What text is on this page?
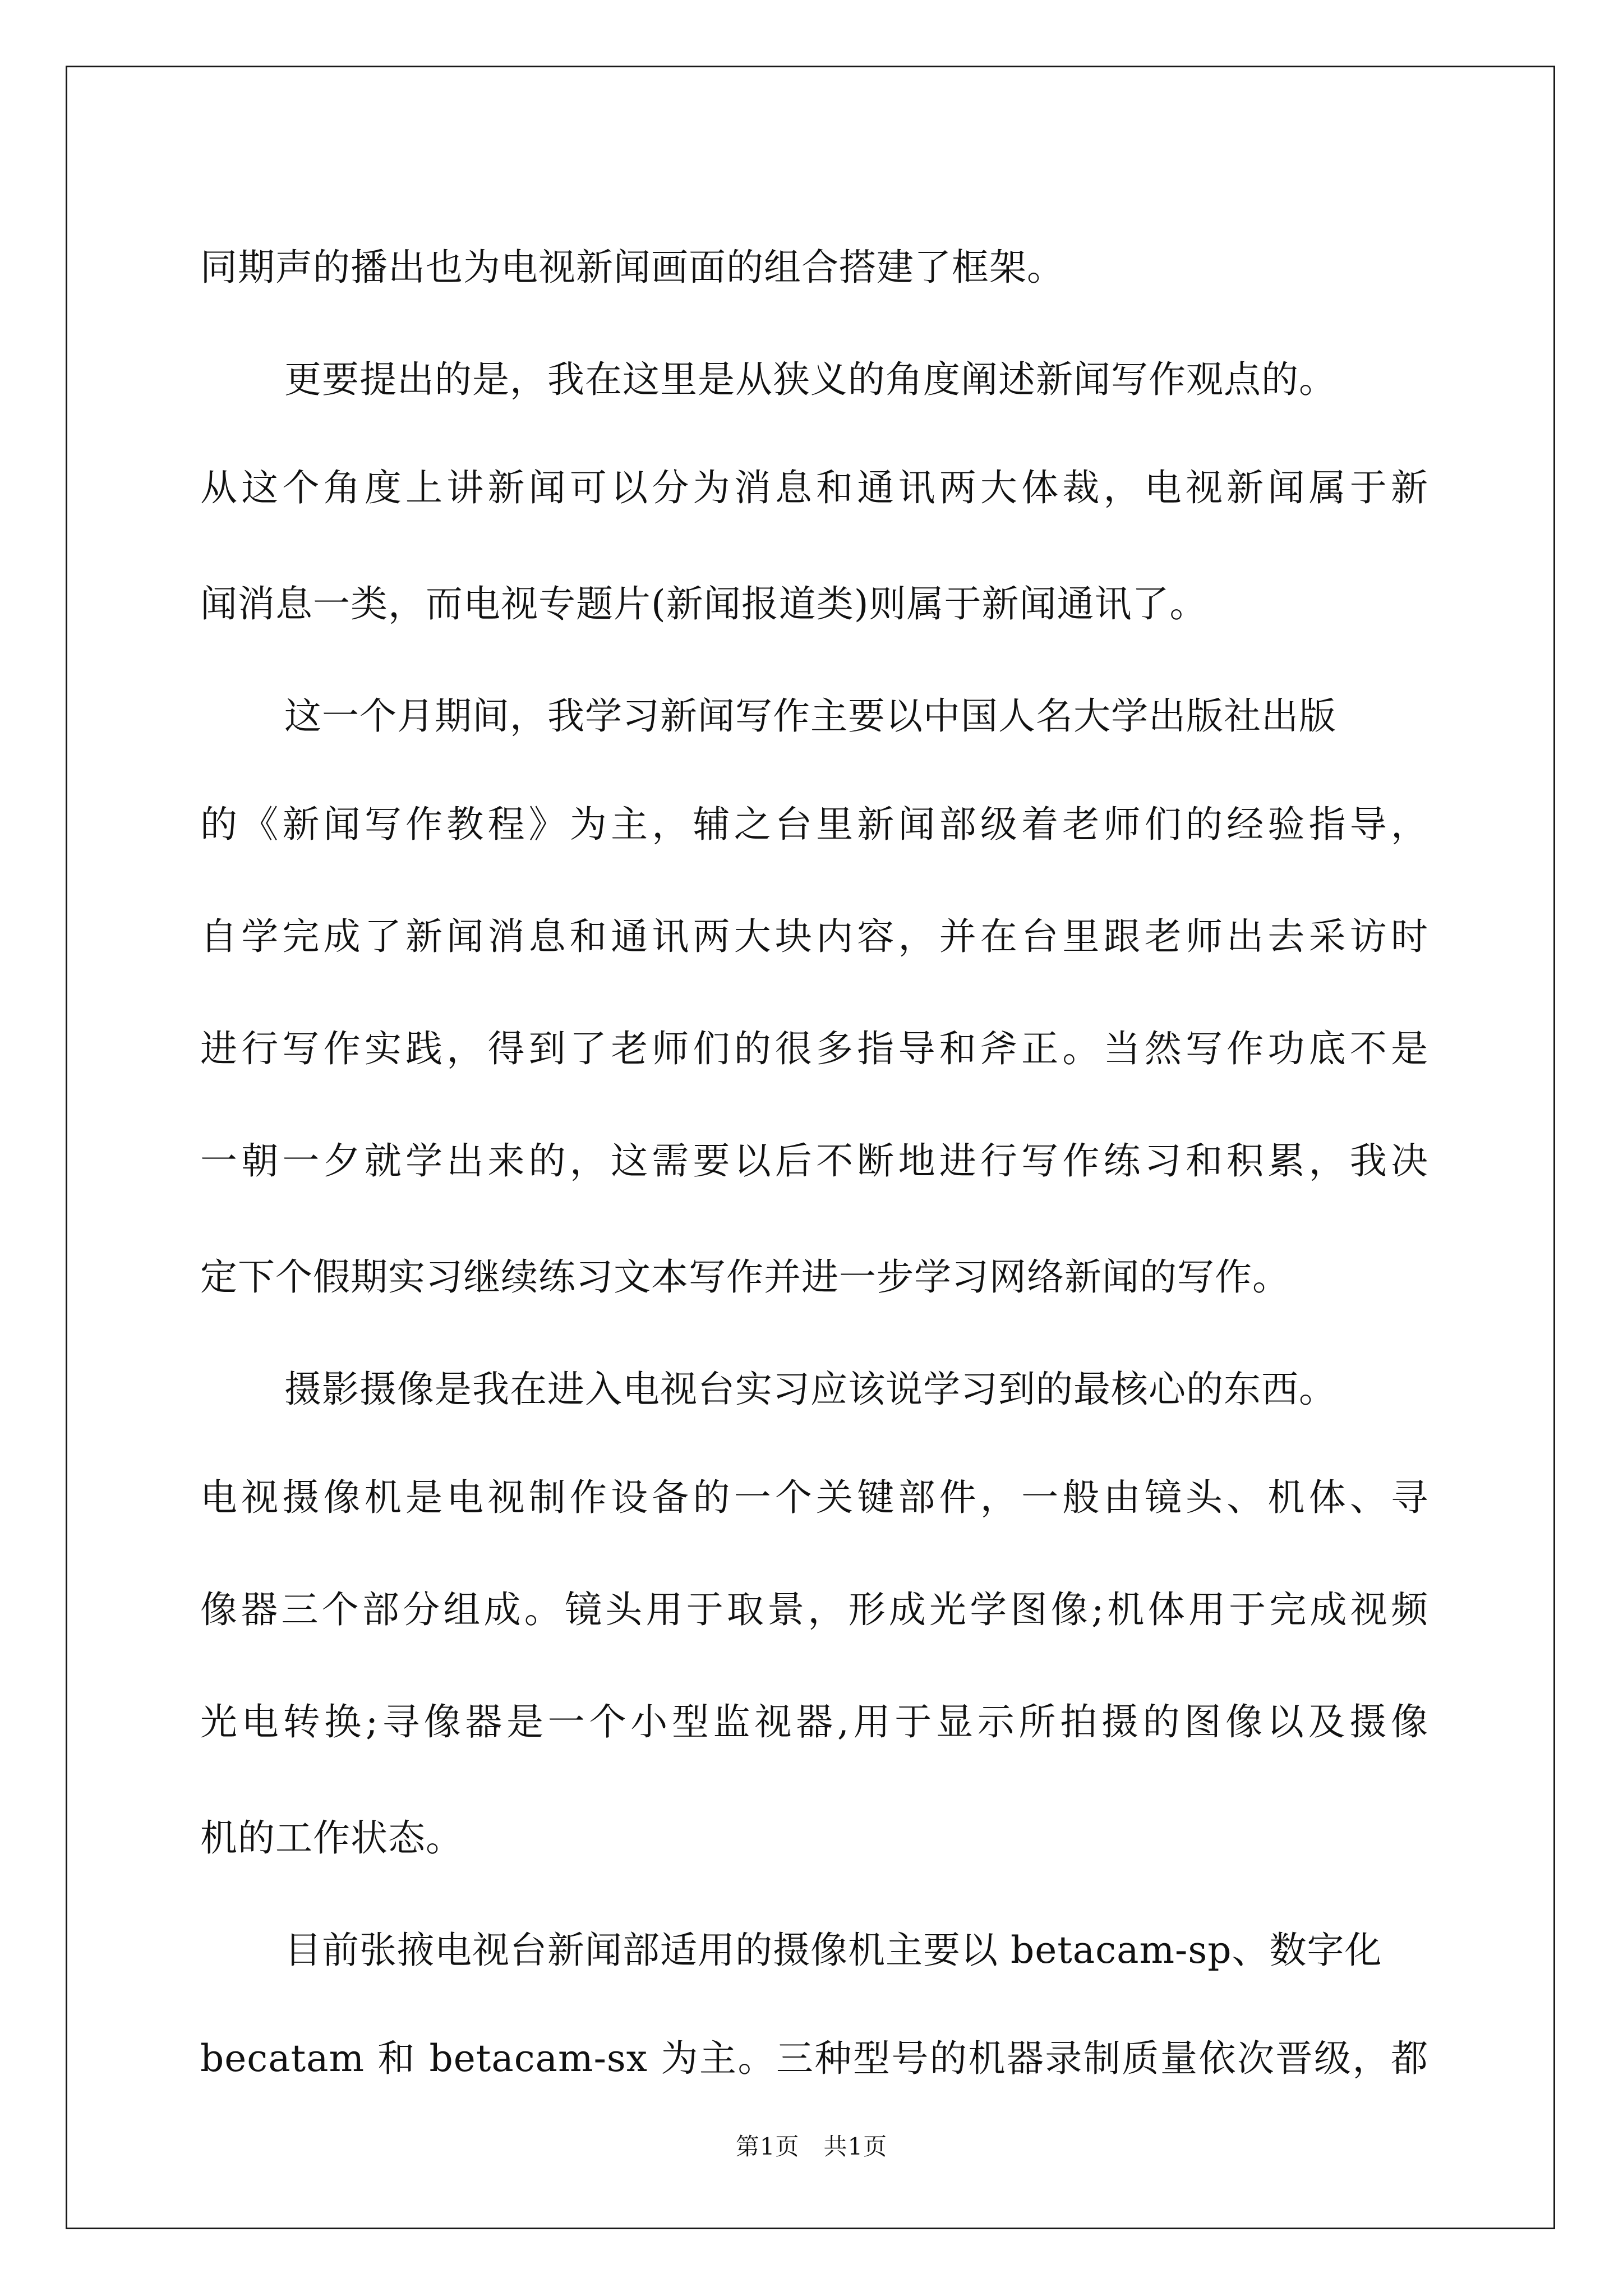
同期声的播出也为电视新闻画面的组合搭建了框架。
更要提出的是，我在这里是从狭义的角度阐述新闻写作观点的。
从这个角度上讲新闻可以分为消息和通讯两大体裁，电视新闻属于新
闻消息一类，而电视专题片(新闻报道类)则属于新闻通讯了。
这一个月期间，我学习新闻写作主要以中国人名大学出版社出版
的《新闻写作教程》为主，辅之台里新闻部级着老师们的经验指导，
自学完成了新闻消息和通讯两大块内容，并在台里跟老师出去采访时
进行写作实践，得到了老师们的很多指导和斧正。当然写作功底不是
一朝一夕就学出来的，这需要以后不断地进行写作练习和积累，我决
定下个假期实习继续练习文本写作并进一步学习网络新闻的写作。
摄影摄像是我在进入电视台实习应该说学习到的最核心的东西。
电视摄像机是电视制作设备的一个关键部件，一般由镜头、机体、寻
像器三个部分组成。镜头用于取景，形成光学图像;机体用于完成视频
光电转换;寻像器是一个小型监视器,用于显示所拍摄的图像以及摄像
机的工作状态。
目前张掖电视台新闻部适用的摄像机主要以 betacam-sp、数字化
becatam 和 betacam-sx 为主。三种型号的机器录制质量依次晋级，都
第1页　共1页
